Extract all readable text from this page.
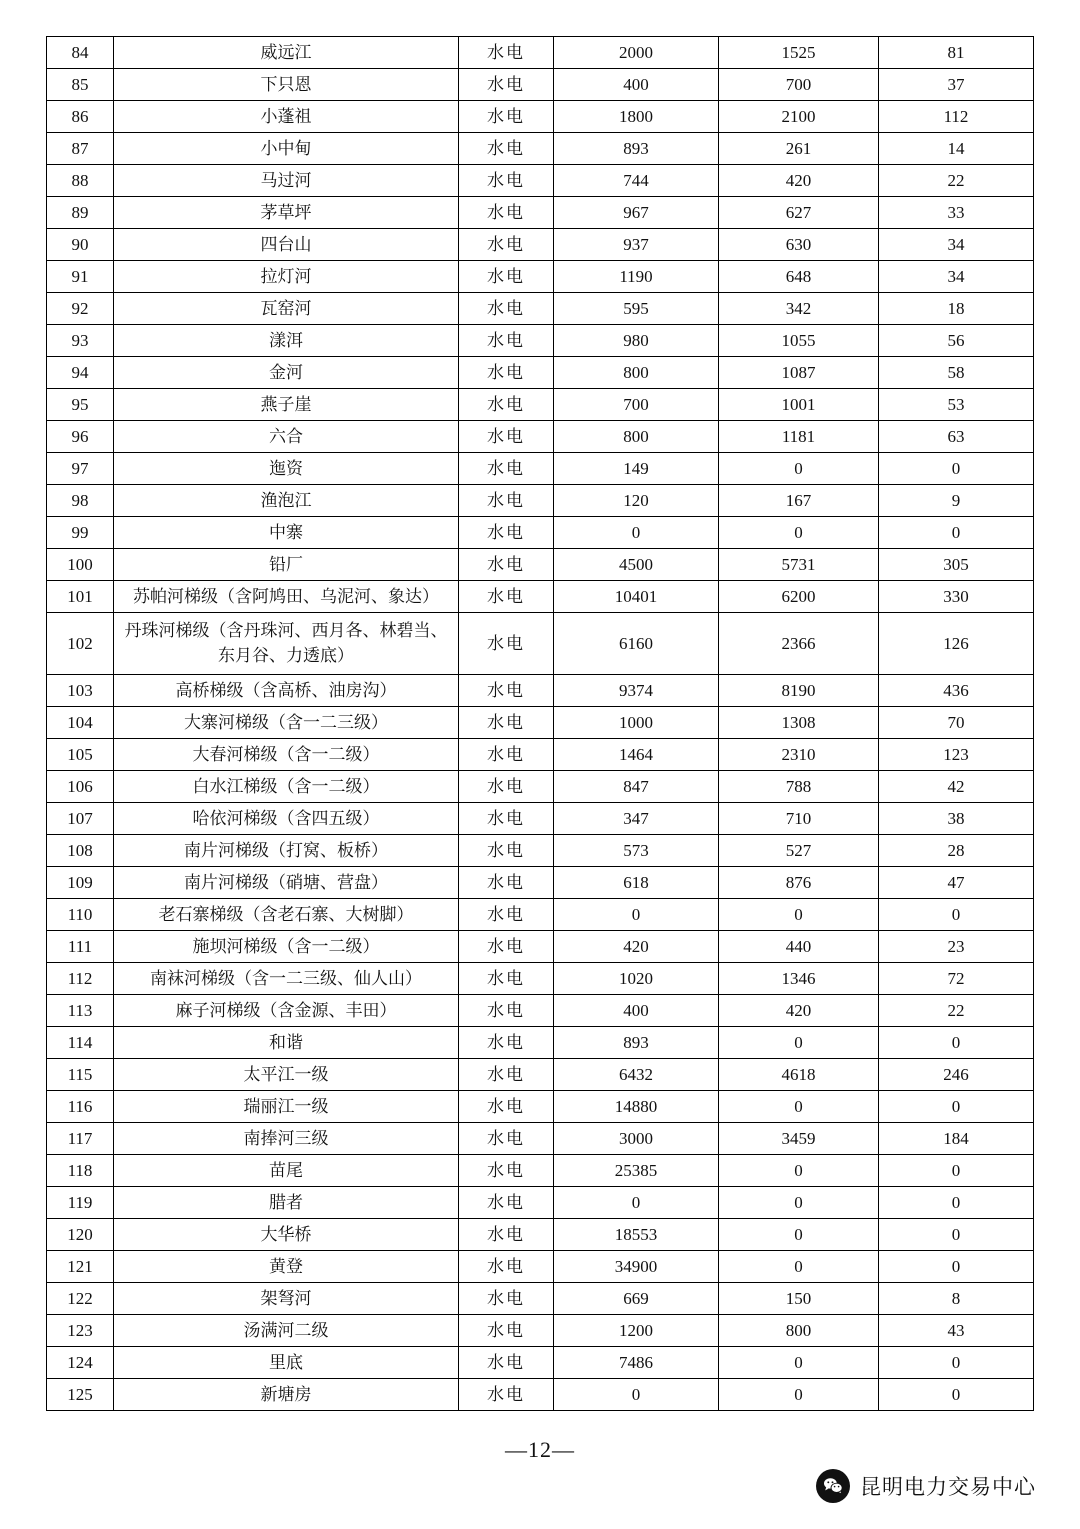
84	威远江	水电	2000	1525	81
85	下只恩	水电	400	700	37
86	小蓬祖	水电	1800	2100	112
87	小中甸	水电	893	261	14
88	马过河	水电	744	420	22
89	茅草坪	水电	967	627	33
90	四台山	水电	937	630	34
91	拉灯河	水电	1190	648	34
92	瓦窑河	水电	595	342	18
93	漾洱	水电	980	1055	56
94	金河	水电	800	1087	58
95	燕子崖	水电	700	1001	53
96	六合	水电	800	1181	63
97	迤资	水电	149	0	0
98	渔泡江	水电	120	167	9
99	中寨	水电	0	0	0
100	铅厂	水电	4500	5731	305
101	苏帕河梯级（含阿鸠田、乌泥河、象达）	水电	10401	6200	330
102	丹珠河梯级（含丹珠河、西月各、林碧当、东月谷、力透底）	水电	6160	2366	126
103	高桥梯级（含高桥、油房沟）	水电	9374	8190	436
104	大寨河梯级（含一二三级）	水电	1000	1308	70
105	大春河梯级（含一二级）	水电	1464	2310	123
106	白水江梯级（含一二级）	水电	847	788	42
107	哈依河梯级（含四五级）	水电	347	710	38
108	南片河梯级（打窝、板桥）	水电	573	527	28
109	南片河梯级（硝塘、营盘）	水电	618	876	47
110	老石寨梯级（含老石寨、大树脚）	水电	0	0	0
111	施坝河梯级（含一二级）	水电	420	440	23
112	南袜河梯级（含一二三级、仙人山）	水电	1020	1346	72
113	麻子河梯级（含金源、丰田）	水电	400	420	22
114	和谐	水电	893	0	0
115	太平江一级	水电	6432	4618	246
116	瑞丽江一级	水电	14880	0	0
117	南捧河三级	水电	3000	3459	184
118	苗尾	水电	25385	0	0
119	腊者	水电	0	0	0
120	大华桥	水电	18553	0	0
121	黄登	水电	34900	0	0
122	架弩河	水电	669	150	8
123	汤满河二级	水电	1200	800	43
124	里底	水电	7486	0	0
125	新塘房	水电	0	0	0
—12—
昆明电力交易中心
